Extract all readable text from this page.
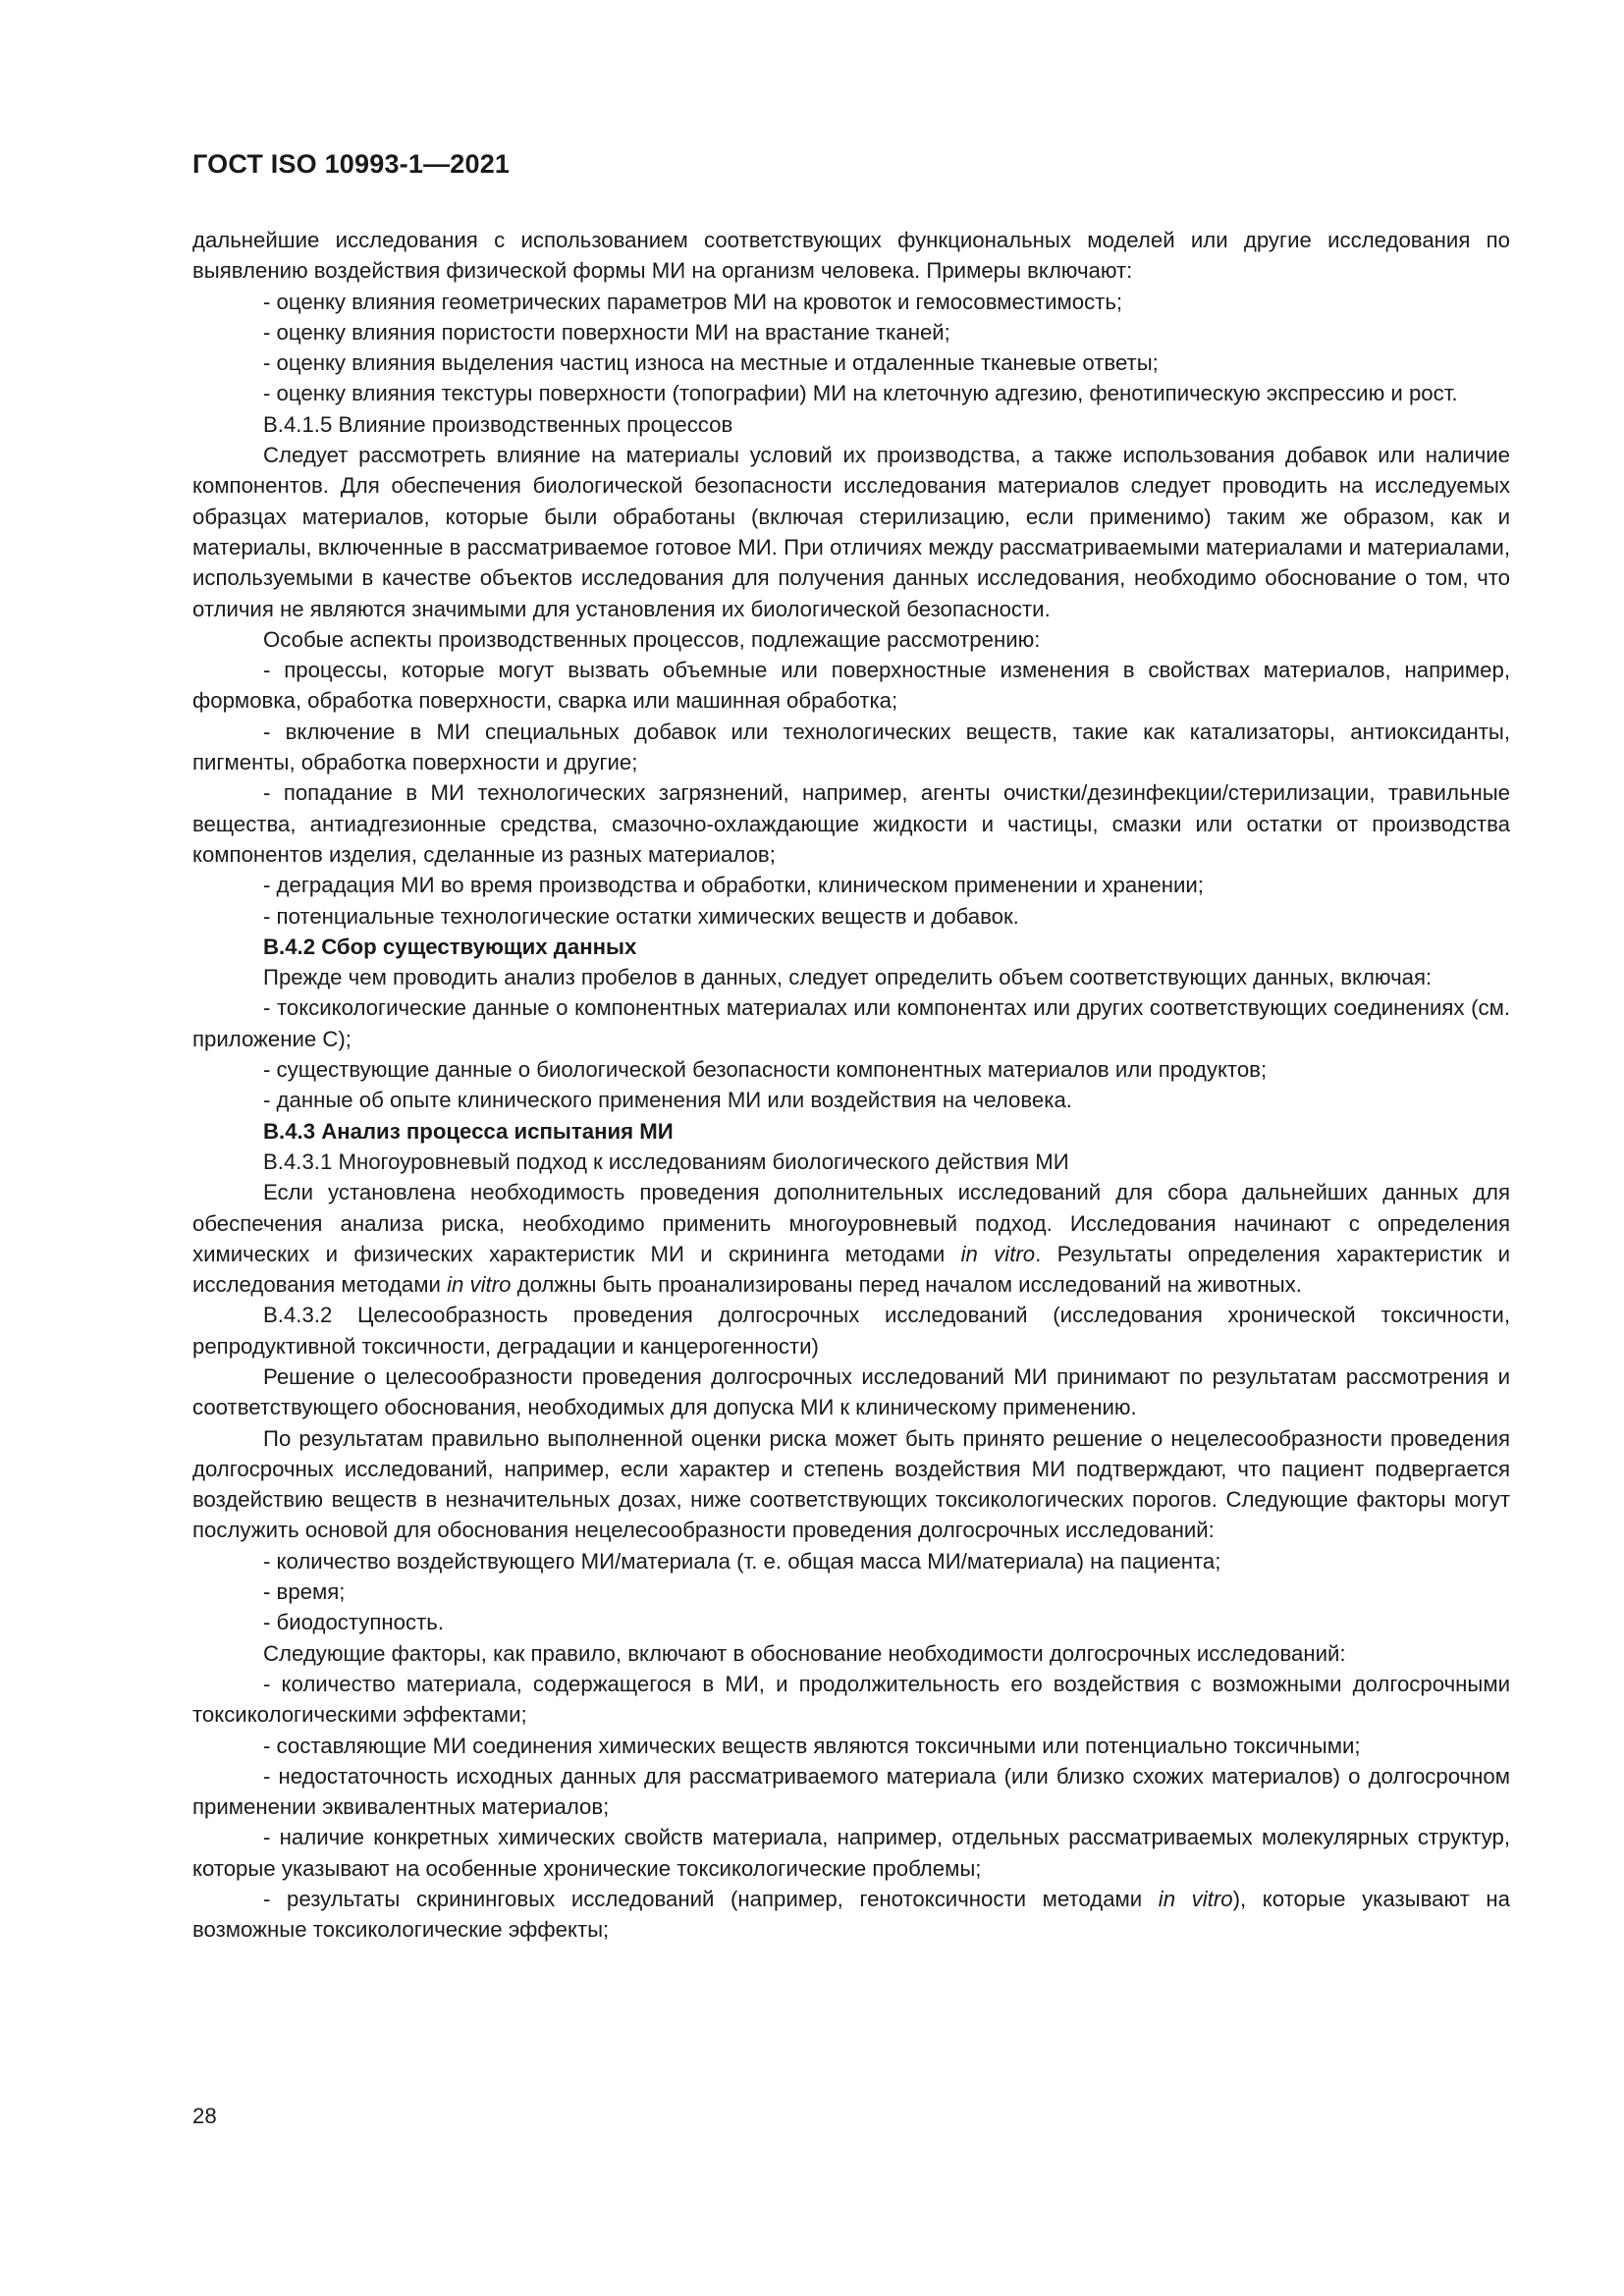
ГОСТ ISO 10993-1—2021

дальнейшие исследования с использованием соответствующих функциональных моделей или другие исследования по выявлению воздействия физической формы МИ на организм человека. Примеры включают:

- оценку влияния геометрических параметров МИ на кровоток и гемосовместимость;

- оценку влияния пористости поверхности МИ на врастание тканей;

- оценку влияния выделения частиц износа на местные и отдаленные тканевые ответы;

- оценку влияния текстуры поверхности (топографии) МИ на клеточную адгезию, фенотипическую экспрессию и рост.

В.4.1.5 Влияние производственных процессов

Следует рассмотреть влияние на материалы условий их производства, а также использования добавок или наличие компонентов. Для обеспечения биологической безопасности исследования материалов следует проводить на исследуемых образцах материалов, которые были обработаны (включая стерилизацию, если применимо) таким же образом, как и материалы, включенные в рассматриваемое готовое МИ. При отличиях между рассматриваемыми материалами и материалами, используемыми в качестве объектов исследования для получения данных исследования, необходимо обоснование о том, что отличия не являются значимыми для установления их биологической безопасности.

Особые аспекты производственных процессов, подлежащие рассмотрению:

- процессы, которые могут вызвать объемные или поверхностные изменения в свойствах материалов, например, формовка, обработка поверхности, сварка или машинная обработка;

- включение в МИ специальных добавок или технологических веществ, такие как катализаторы, антиоксиданты, пигменты, обработка поверхности и другие;

- попадание в МИ технологических загрязнений, например, агенты очистки/дезинфекции/стерилизации, травильные вещества, антиадгезионные средства, смазочно-охлаждающие жидкости и частицы, смазки или остатки от производства компонентов изделия, сделанные из разных материалов;

- деградация МИ во время производства и обработки, клиническом применении и хранении;

- потенциальные технологические остатки химических веществ и добавок.

В.4.2 Сбор существующих данных

Прежде чем проводить анализ пробелов в данных, следует определить объем соответствующих данных, включая:

- токсикологические данные о компонентных материалах или компонентах или других соответствующих соединениях (см. приложение С);

- существующие данные о биологической безопасности компонентных материалов или продуктов;

- данные об опыте клинического применения МИ или воздействия на человека.

В.4.3 Анализ процесса испытания МИ

В.4.3.1 Многоуровневый подход к исследованиям биологического действия МИ

Если установлена необходимость проведения дополнительных исследований для сбора дальнейших данных для обеспечения анализа риска, необходимо применить многоуровневый подход. Исследования начинают с определения химических и физических характеристик МИ и скрининга методами in vitro. Результаты определения характеристик и исследования методами in vitro должны быть проанализированы перед началом исследований на животных.

В.4.3.2 Целесообразность проведения долгосрочных исследований (исследования хронической токсичности, репродуктивной токсичности, деградации и канцерогенности)

Решение о целесообразности проведения долгосрочных исследований МИ принимают по результатам рассмотрения и соответствующего обоснования, необходимых для допуска МИ к клиническому применению.

По результатам правильно выполненной оценки риска может быть принято решение о нецелесообразности проведения долгосрочных исследований, например, если характер и степень воздействия МИ подтверждают, что пациент подвергается воздействию веществ в незначительных дозах, ниже соответствующих токсикологических порогов. Следующие факторы могут послужить основой для обоснования нецелесообразности проведения долгосрочных исследований:

- количество воздействующего МИ/материала (т. е. общая масса МИ/материала) на пациента;

- время;

- биодоступность.

Следующие факторы, как правило, включают в обоснование необходимости долгосрочных исследований:

- количество материала, содержащегося в МИ, и продолжительность его воздействия с возможными долгосрочными токсикологическими эффектами;

- составляющие МИ соединения химических веществ являются токсичными или потенциально токсичными;

- недостаточность исходных данных для рассматриваемого материала (или близко схожих материалов) о долгосрочном применении эквивалентных материалов;

- наличие конкретных химических свойств материала, например, отдельных рассматриваемых молекулярных структур, которые указывают на особенные хронические токсикологические проблемы;

- результаты скрининговых исследований (например, генотоксичности методами in vitro), которые указывают на возможные токсикологические эффекты;

28
